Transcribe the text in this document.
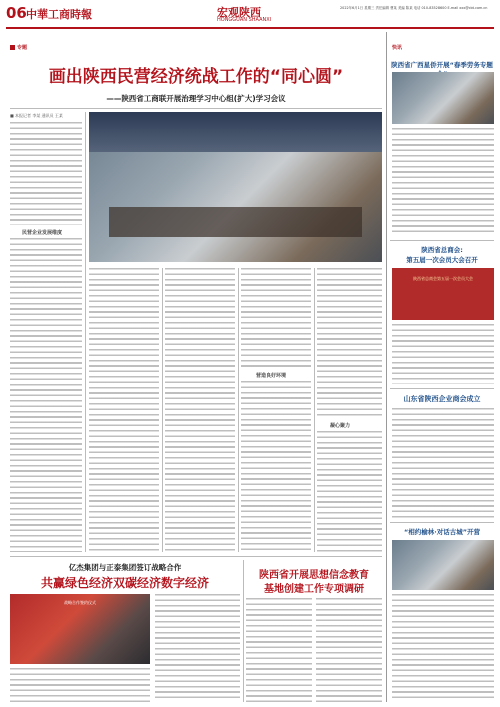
06 中華工商時報	宏观陕西
HONGGUAN SHAANXI
2022年6月1日 星期三 责任编辑 曹某 美编 陈某 电话 010-83528600 E-mail xxx@cbt.com.cn
专题
画出陕西民营经济统战工作的“同心圆”
——陕西省工商联开展治理学习中心组(扩大)学习会议
■ 本报记者 李某 通讯员 王某
民营企业发展维度
营造良好环境
凝心聚力
亿杰集团与正泰集团签订战略合作
共赢绿色经济双碳经济数字经济
战略合作签约仪式
陕西省开展思想信念教育
基地创建工作专项调研
快讯
陕西省广西星侨开展“春季劳务专题
陕西省总商会:
第五届一次会员大会召开
陕西省总商会第五届一次会员大会
山东省陕西企业商会成立
“相约榆林·对话古城”开营
